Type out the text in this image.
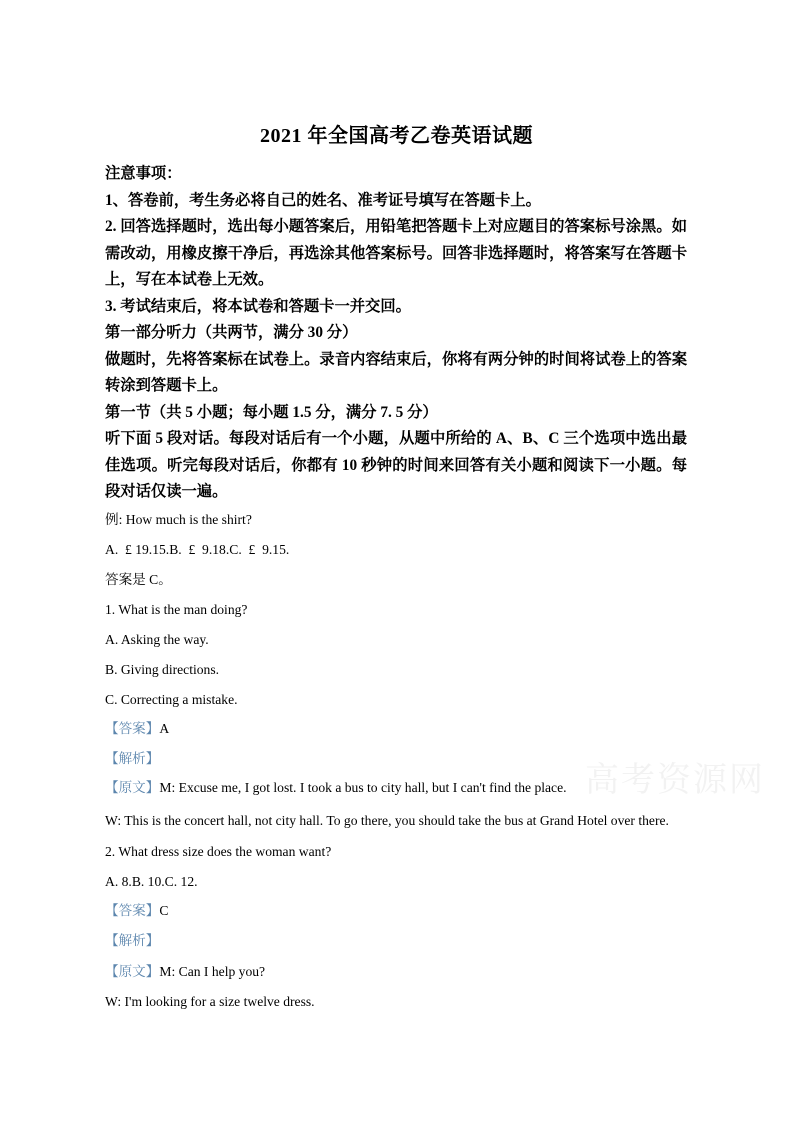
高考资源网
2021 年全国高考乙卷英语试题

注意事项：

1、答卷前，考生务必将自己的姓名、准考证号填写在答题卡上。

2. 回答选择题时，选出每小题答案后，用铅笔把答题卡上对应题目的答案标号涂黑。如需改动，用橡皮擦干净后，再选涂其他答案标号。回答非选择题时，将答案写在答题卡上，写在本试卷上无效。

3. 考试结束后，将本试卷和答题卡一并交回。

第一部分听力（共两节，满分 30 分）

做题时，先将答案标在试卷上。录音内容结束后，你将有两分钟的时间将试卷上的答案转涂到答题卡上。

第一节（共 5 小题；每小题 1.5 分，满分 7. 5 分）

听下面 5 段对话。每段对话后有一个小题，从题中所给的 A、B、C 三个选项中选出最佳选项。听完每段对话后，你都有 10 秒钟的时间来回答有关小题和阅读下一小题。每段对话仅读一遍。

例: How much is the shirt?
A.  £ 19.15. B.  £  9.18. C.  £  9.15.
答案是 C。
1. What is the man doing?
A. Asking the way.
B. Giving directions.
C. Correcting a mistake.
【答案】A
【解析】
【原文】M: Excuse me, I got lost. I took a bus to city hall, but I can't find the place.
W: This is the concert hall, not city hall. To go there, you should take the bus at Grand Hotel over there.
2. What dress size does the woman want?
A. 8. B. 10. C. 12.
【答案】C
【解析】
【原文】M: Can I help you?
W: I'm looking for a size twelve dress.
